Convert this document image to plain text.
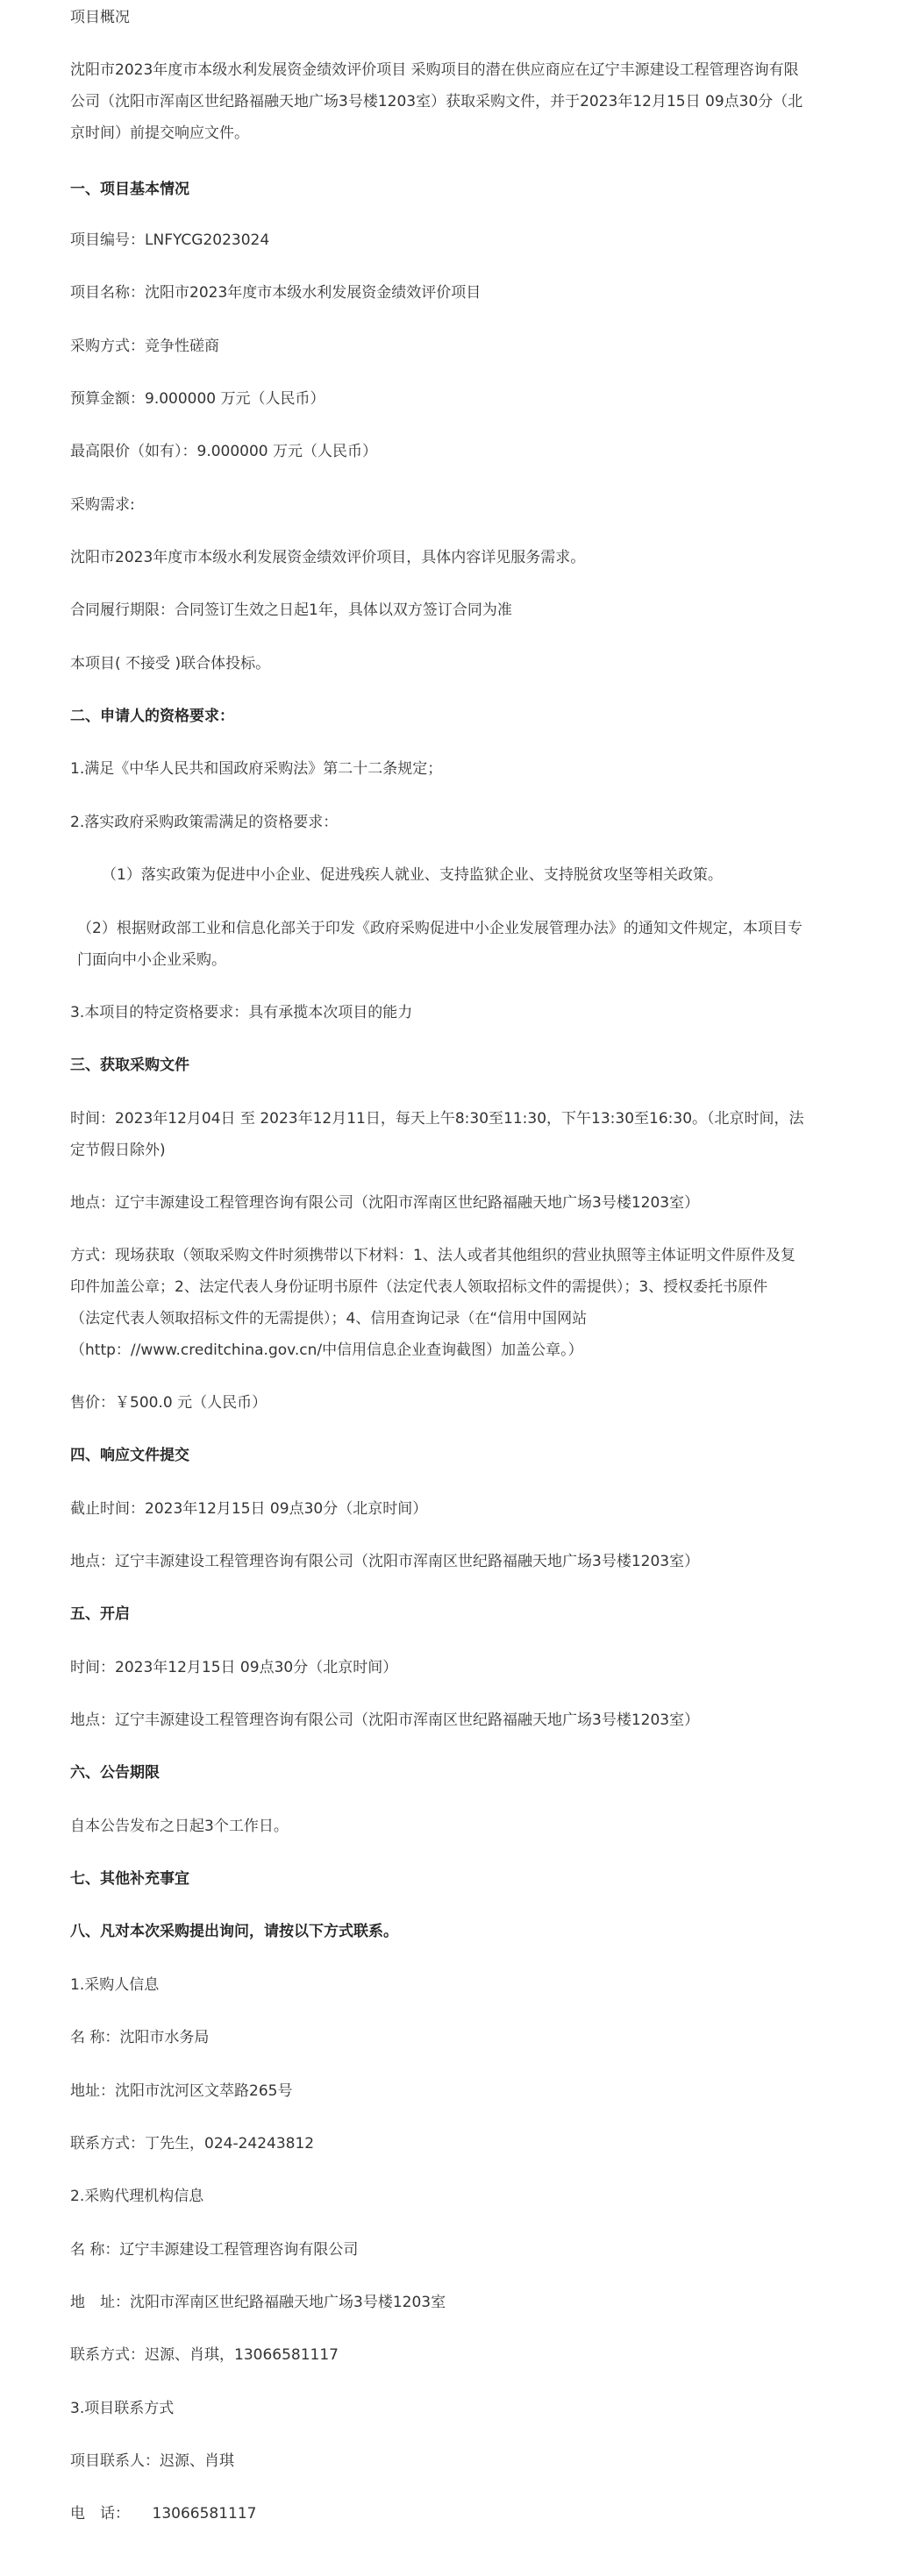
项目概况

沈阳市2023年度市本级水利发展资金绩效评价项目 采购项目的潜在供应商应在辽宁丰源建设工程管理咨询有限
公司（沈阳市浑南区世纪路福融天地广场3号楼1203室）获取采购文件，并于2023年12月15日 09点30分（北
京时间）前提交响应文件。

一、项目基本情况

项目编号：LNFYCG2023024

项目名称：沈阳市2023年度市本级水利发展资金绩效评价项目

采购方式：竞争性磋商

预算金额：9.000000 万元（人民币）

最高限价（如有）：9.000000 万元（人民币）

采购需求:

沈阳市2023年度市本级水利发展资金绩效评价项目，具体内容详见服务需求。

合同履行期限：合同签订生效之日起1年，具体以双方签订合同为准

本项目( 不接受 )联合体投标。

二、申请人的资格要求：

1.满足《中华人民共和国政府采购法》第二十二条规定；

2.落实政府采购政策需满足的资格要求：

（1）落实政策为促进中小企业、促进残疾人就业、支持监狱企业、支持脱贫攻坚等相关政策。

（2）根据财政部工业和信息化部关于印发《政府采购促进中小企业发展管理办法》的通知文件规定，本项目专
门面向中小企业采购。

3.本项目的特定资格要求：具有承揽本次项目的能力

三、获取采购文件

时间：2023年12月04日 至 2023年12月11日，每天上午8:30至11:30，下午13:30至16:30。（北京时间，法
定节假日除外)

地点：辽宁丰源建设工程管理咨询有限公司（沈阳市浑南区世纪路福融天地广场3号楼1203室）

方式：现场获取（领取采购文件时须携带以下材料：1、法人或者其他组织的营业执照等主体证明文件原件及复
印件加盖公章；2、法定代表人身份证明书原件（法定代表人领取招标文件的需提供）；3、授权委托书原件
（法定代表人领取招标文件的无需提供）；4、信用查询记录（在“信用中国网站
（http：//www.creditchina.gov.cn/中信用信息企业查询截图）加盖公章。）

售价：￥500.0 元（人民币）

四、响应文件提交

截止时间：2023年12月15日 09点30分（北京时间）

地点：辽宁丰源建设工程管理咨询有限公司（沈阳市浑南区世纪路福融天地广场3号楼1203室）

五、开启

时间：2023年12月15日 09点30分（北京时间）

地点：辽宁丰源建设工程管理咨询有限公司（沈阳市浑南区世纪路福融天地广场3号楼1203室）

六、公告期限

自本公告发布之日起3个工作日。

七、其他补充事宜

八、凡对本次采购提出询问，请按以下方式联系。

1.采购人信息

名 称：沈阳市水务局

地址：沈阳市沈河区文萃路265号

联系方式：丁先生，024-24243812

2.采购代理机构信息

名 称：辽宁丰源建设工程管理咨询有限公司

地　址：沈阳市浑南区世纪路福融天地广场3号楼1203室

联系方式：迟源、肖琪，13066581117

3.项目联系方式

项目联系人：迟源、肖琪

电　话：　　13066581117
